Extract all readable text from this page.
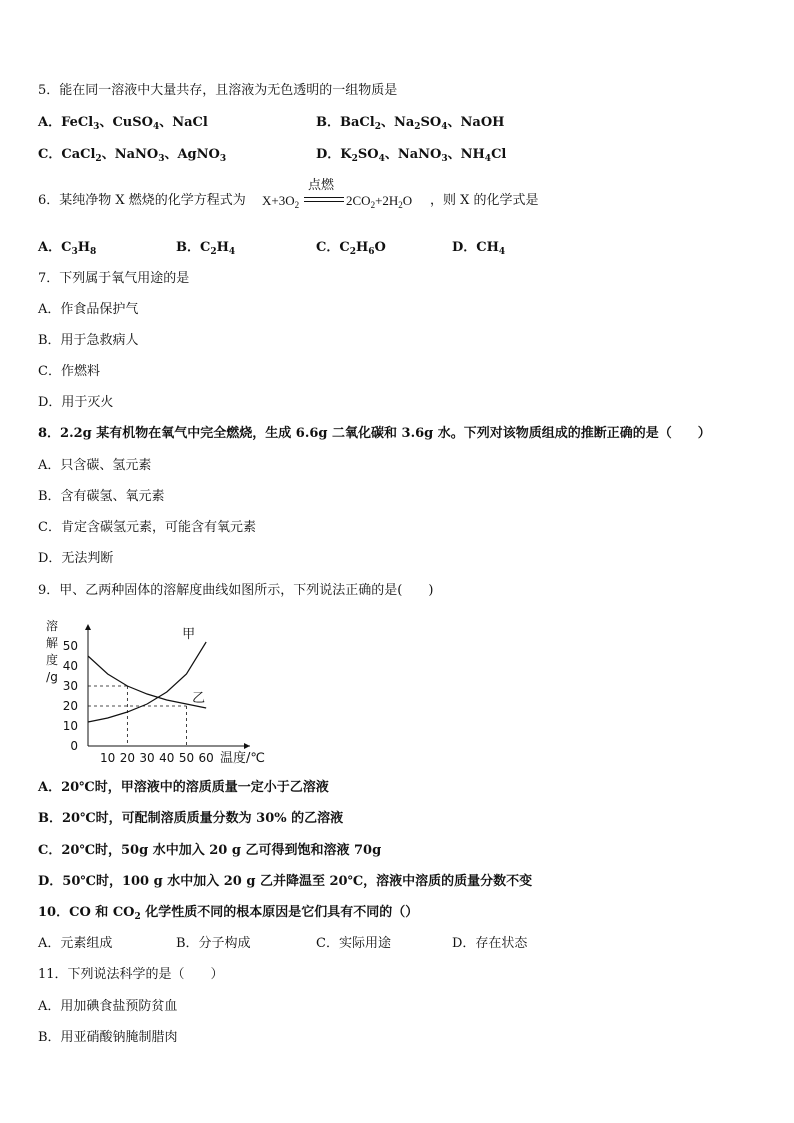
5．能在同一溶液中大量共存，且溶液为无色透明的一组物质是
A．FeCl$_3$、CuSO$_4$、NaCl	B．BaCl$_2$、$Na_2SO_4$、NaOH
C．CaCl$_2$、NaNO$_3$、AgNO$_3$	D．$K_2SO_4$、NaNO$_3$、$NH_4Cl$
6．某纯净物 X 燃烧的化学方程式为 $X+3O_2$
点燃
$2CO_2+2H_2O$ ，则 X 的化学式是
A．$C_3H_8$	B．$C_2H_4$	C．$C_2H_6O$	D．$CH_4$
7．下列属于氧气用途的是
A．作食品保护气
B．用于急救病人
C．作燃料
D．用于灭火
8．2.2g 某有机物在氧气中完全燃烧，生成 6.6g 二氧化碳和 3.6g 水。下列对该物质组成的推断正确的是（　　）
A．只含碳、氢元素
B．含有碳氢、氧元素
C．肯定含碳氢元素，可能含有氧元素
D．无法判断
9．甲、乙两种固体的溶解度曲线如图所示，下列说法正确的是(　　)
溶
解
度
/g
0
10
20
30
40
50
10 20 30 40 50 60 温度/℃
甲
乙
A．20℃时，甲溶液中的溶质质量一定小于乙溶液
B．20℃时，可配制溶质质量分数为 30% 的乙溶液
C．20℃时，50g 水中加入 20 g 乙可得到饱和溶液 70g
D．50℃时，100 g 水中加入 20 g 乙并降温至 20℃，溶液中溶质的质量分数不变
10．CO 和 $CO_2$ 化学性质不同的根本原因是它们具有不同的（）
A．元素组成	B．分子构成	C．实际用途	D．存在状态
11．下列说法科学的是（　　）
A．用加碘食盐预防贫血
B．用亚硝酸钠腌制腊肉
